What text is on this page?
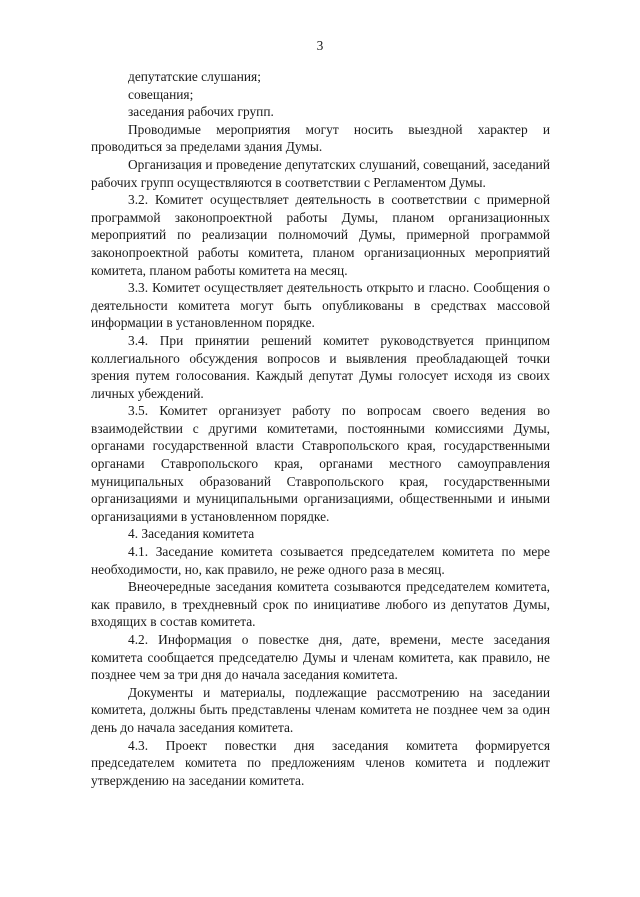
3

депутатские слушания;

совещания;

заседания рабочих групп.

Проводимые мероприятия могут носить выездной характер и проводиться за пределами здания Думы.

Организация и проведение депутатских слушаний, совещаний, заседаний рабочих групп осуществляются в соответствии с Регламентом Думы.

3.2. Комитет осуществляет деятельность в соответствии с примерной программой законопроектной работы Думы, планом организационных мероприятий по реализации полномочий Думы, примерной программой законопроектной работы комитета, планом организационных мероприятий комитета, планом работы комитета на месяц.

3.3. Комитет осуществляет деятельность открыто и гласно. Сообщения о деятельности комитета могут быть опубликованы в средствах массовой информации в установленном порядке.

3.4. При принятии решений комитет руководствуется принципом коллегиального обсуждения вопросов и выявления преобладающей точки зрения путем голосования. Каждый депутат Думы голосует исходя из своих личных убеждений.

3.5. Комитет организует работу по вопросам своего ведения во взаимодействии с другими комитетами, постоянными комиссиями Думы, органами государственной власти Ставропольского края, государственными органами Ставропольского края, органами местного самоуправления муниципальных образований Ставропольского края, государственными организациями и муниципальными организациями, общественными и иными организациями в установленном порядке.

4. Заседания комитета

4.1. Заседание комитета созывается председателем комитета по мере необходимости, но, как правило, не реже одного раза в месяц.

Внеочередные заседания комитета созываются председателем комитета, как правило, в трехдневный срок по инициативе любого из депутатов Думы, входящих в состав комитета.

4.2. Информация о повестке дня, дате, времени, месте заседания комитета сообщается председателю Думы и членам комитета, как правило, не позднее чем за три дня до начала заседания комитета.

Документы и материалы, подлежащие рассмотрению на заседании комитета, должны быть представлены членам комитета не позднее чем за один день до начала заседания комитета.

4.3. Проект повестки дня заседания комитета формируется председателем комитета по предложениям членов комитета и подлежит утверждению на заседании комитета.
